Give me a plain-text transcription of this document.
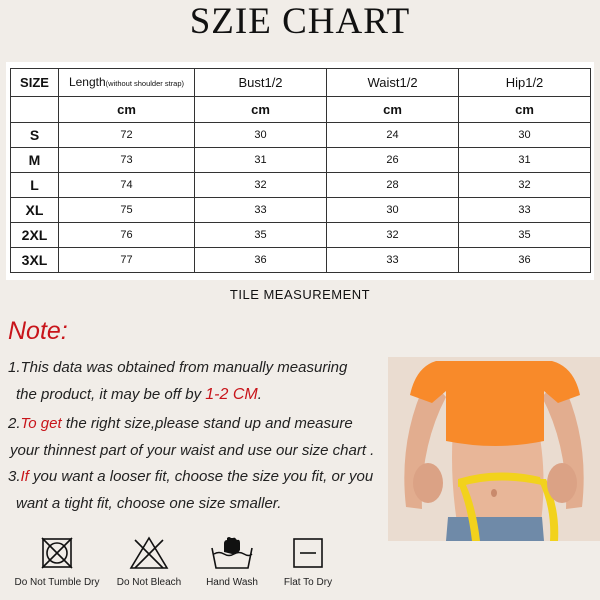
SZIE CHART
SIZE	Length(without shoulder strap)	Bust1/2	Waist1/2	Hip1/2
	cm	cm	cm	cm
S	72	30	24	30
M	73	31	26	31
L	74	32	28	32
XL	75	33	30	33
2XL	76	35	32	35
3XL	77	36	33	36
TILE MEASUREMENT
Note:
1.This data was obtained from manually measuring
the product, it may be off by 1-2 CM.
2.To get the right size,please stand up and measure
your thinnest part of your waist and use our size chart .
3.If you want a looser fit, choose the size you fit, or you
want a tight fit, choose one size smaller.
Do Not Tumble Dry	Do Not Bleach	Hand Wash	Flat To Dry
